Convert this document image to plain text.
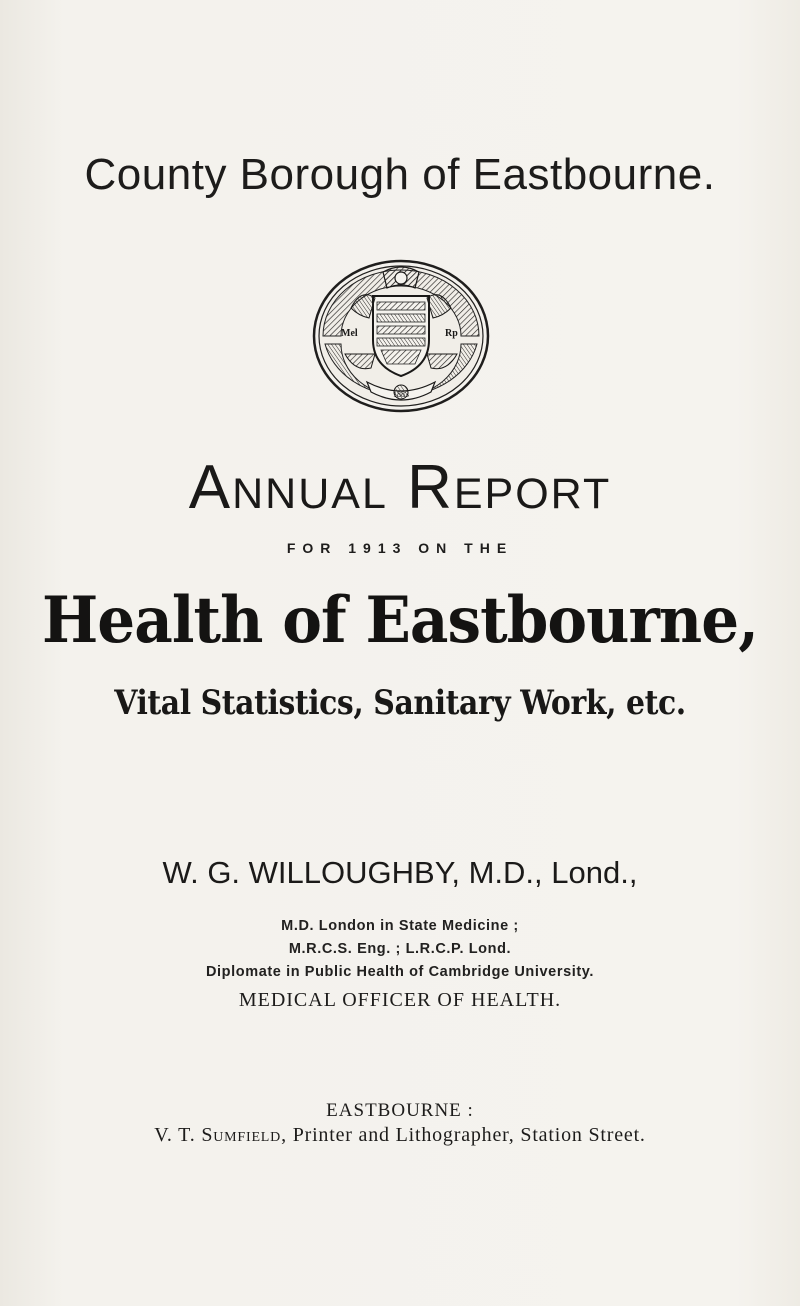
County Borough of Eastbourne.
Mel	Rp
1883
Annual Report
FOR 1913 ON THE
Health of Eastbourne,
Vital Statistics, Sanitary Work, etc.
W. G. WILLOUGHBY, M.D., Lond.,
M.D. London in State Medicine ;
M.R.C.S. Eng. ; L.R.C.P. Lond.
Diplomate in Public Health of Cambridge University.
MEDICAL OFFICER OF HEALTH.
EASTBOURNE :
V. T. Sumfield, Printer and Lithographer, Station Street.
